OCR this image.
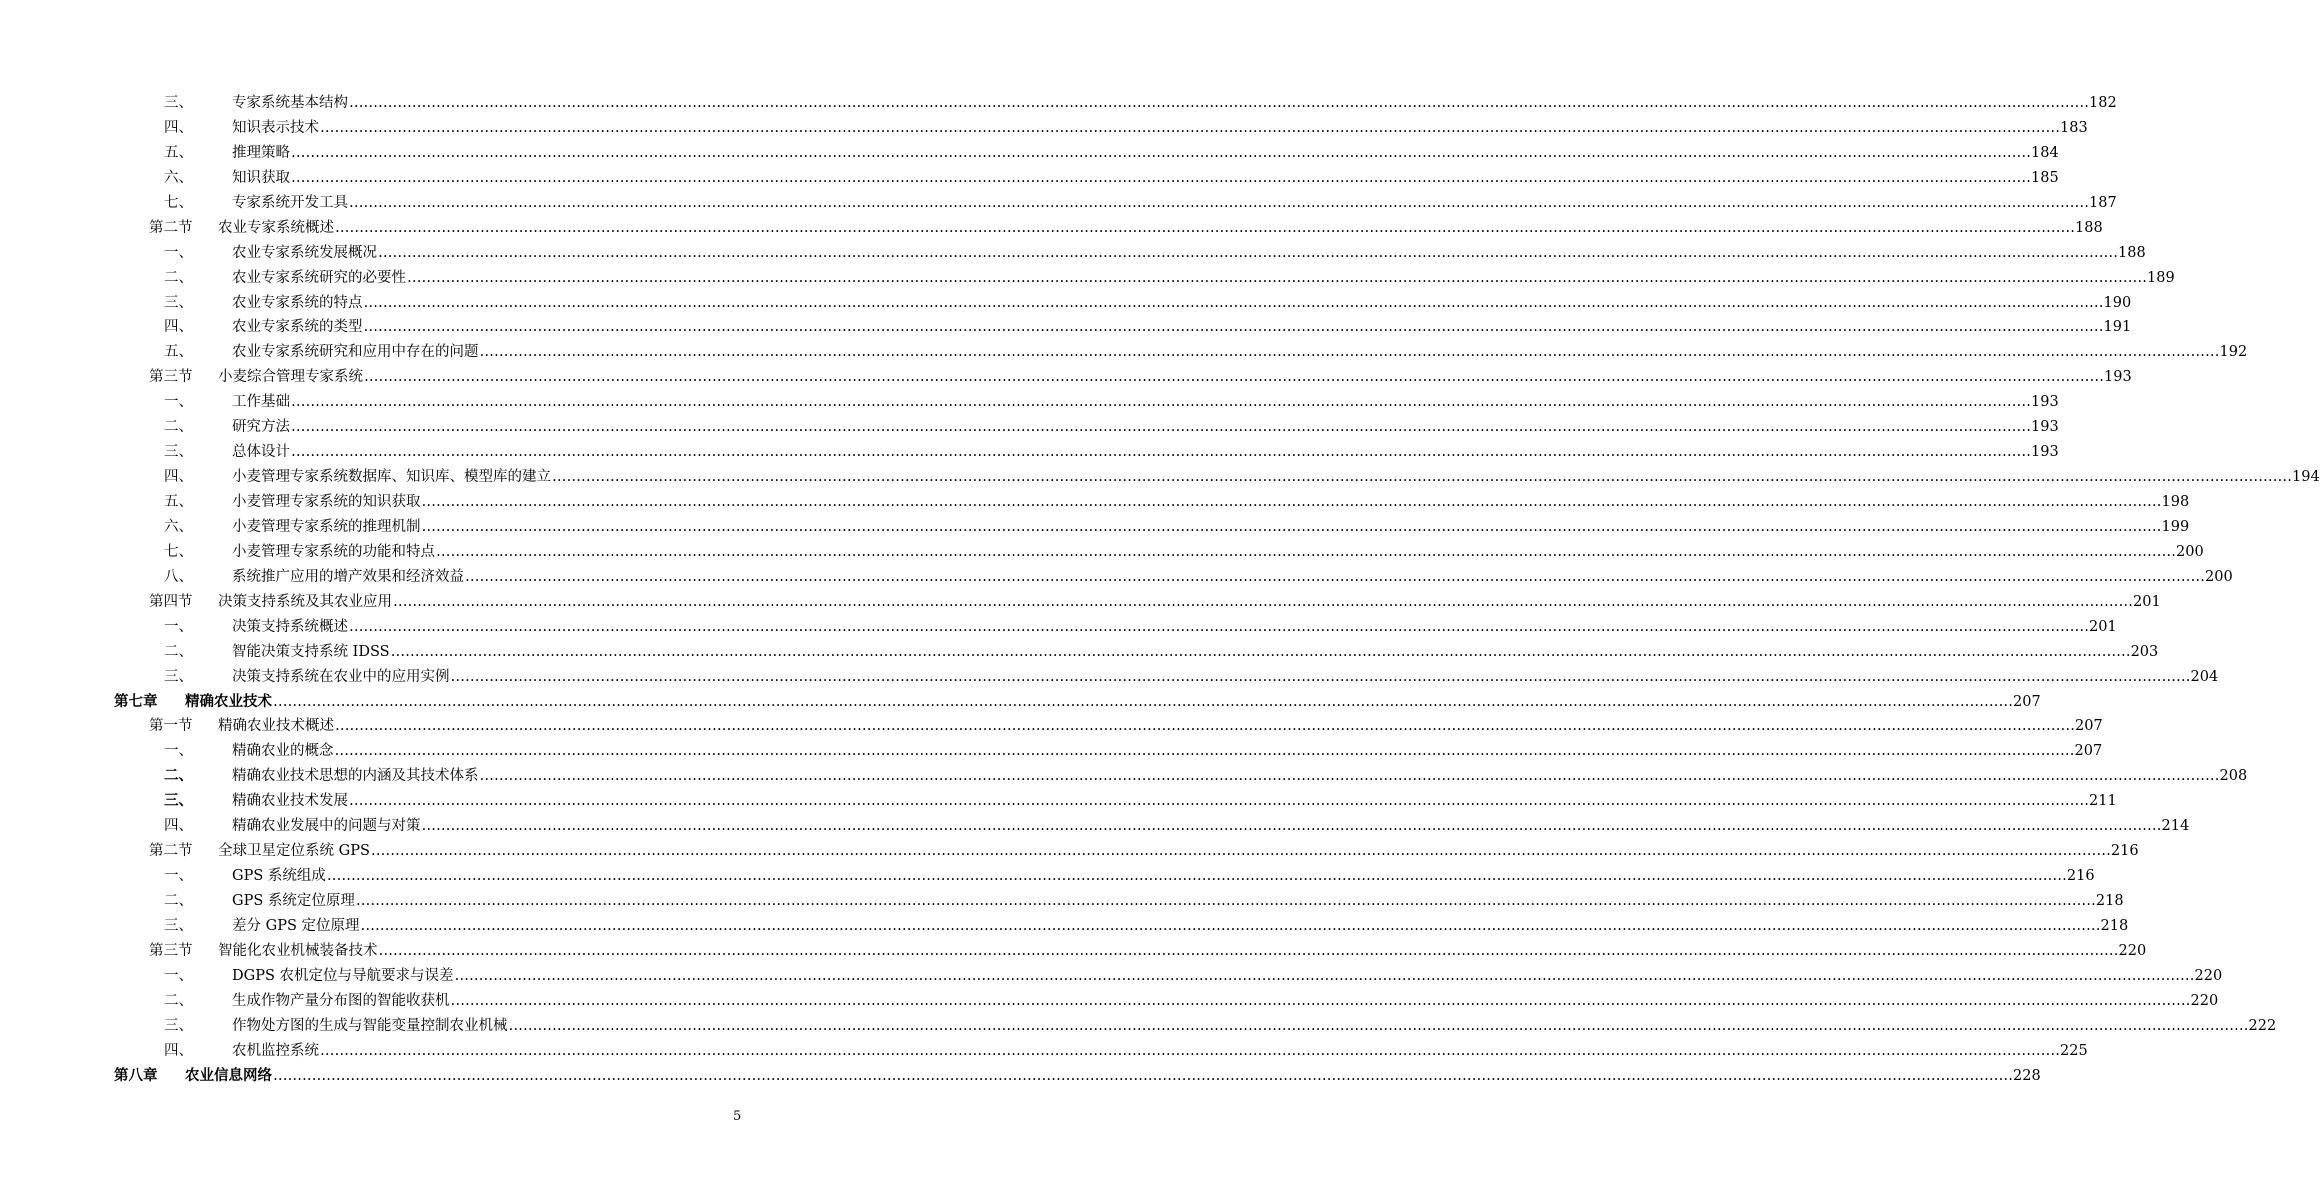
三、	专家系统基本结构 ……………………………………………………………………………………………………………………………………………………………………………………………………………………………………………………………………………………………………………………………… 182
四、	知识表示技术 ……………………………………………………………………………………………………………………………………………………………………………………………………………………………………………………………………………………………………………………………… 183
五、	推理策略 ……………………………………………………………………………………………………………………………………………………………………………………………………………………………………………………………………………………………………………………………… 184
六、	知识获取 ……………………………………………………………………………………………………………………………………………………………………………………………………………………………………………………………………………………………………………………………… 185
七、	专家系统开发工具 ……………………………………………………………………………………………………………………………………………………………………………………………………………………………………………………………………………………………………………………………… 187
第二节 农业专家系统概述 ……………………………………………………………………………………………………………………………………………………………………………………………………………………………………………………………………………………………………………………………… 188
一、	农业专家系统发展概况 ……………………………………………………………………………………………………………………………………………………………………………………………………………………………………………………………………………………………………………………………… 188
二、	农业专家系统研究的必要性 ……………………………………………………………………………………………………………………………………………………………………………………………………………………………………………………………………………………………………………………………… 189
三、	农业专家系统的特点 ……………………………………………………………………………………………………………………………………………………………………………………………………………………………………………………………………………………………………………………………… 190
四、	农业专家系统的类型 ……………………………………………………………………………………………………………………………………………………………………………………………………………………………………………………………………………………………………………………………… 191
五、	农业专家系统研究和应用中存在的问题 ……………………………………………………………………………………………………………………………………………………………………………………………………………………………………………………………………………………………………………………………… 192
第三节 小麦综合管理专家系统 ……………………………………………………………………………………………………………………………………………………………………………………………………………………………………………………………………………………………………………………………… 193
一、	工作基础 ……………………………………………………………………………………………………………………………………………………………………………………………………………………………………………………………………………………………………………………………… 193
二、	研究方法 ……………………………………………………………………………………………………………………………………………………………………………………………………………………………………………………………………………………………………………………………… 193
三、	总体设计 ……………………………………………………………………………………………………………………………………………………………………………………………………………………………………………………………………………………………………………………………… 193
四、	小麦管理专家系统数据库、知识库、模型库的建立 ……………………………………………………………………………………………………………………………………………………………………………………………………………………………………………………………………………………………………………………………… 194
五、	小麦管理专家系统的知识获取 ……………………………………………………………………………………………………………………………………………………………………………………………………………………………………………………………………………………………………………………………… 198
六、	小麦管理专家系统的推理机制 ……………………………………………………………………………………………………………………………………………………………………………………………………………………………………………………………………………………………………………………………… 199
七、	小麦管理专家系统的功能和特点 ……………………………………………………………………………………………………………………………………………………………………………………………………………………………………………………………………………………………………………………………… 200
八、	系统推广应用的增产效果和经济效益 ……………………………………………………………………………………………………………………………………………………………………………………………………………………………………………………………………………………………………………………………… 200
第四节 决策支持系统及其农业应用 ……………………………………………………………………………………………………………………………………………………………………………………………………………………………………………………………………………………………………………………………… 201
一、	决策支持系统概述 ……………………………………………………………………………………………………………………………………………………………………………………………………………………………………………………………………………………………………………………………… 201
二、	智能决策支持系统 IDSS ……………………………………………………………………………………………………………………………………………………………………………………………………………………………………………………………………………………………………………………………… 203
三、	决策支持系统在农业中的应用实例 ……………………………………………………………………………………………………………………………………………………………………………………………………………………………………………………………………………………………………………………………… 204
第七章 精确农业技术 ……………………………………………………………………………………………………………………………………………………………………………………………………………………………………………………………………………………………………………………………… 207
第一节 精确农业技术概述 ……………………………………………………………………………………………………………………………………………………………………………………………………………………………………………………………………………………………………………………………… 207
一、	精确农业的概念 ……………………………………………………………………………………………………………………………………………………………………………………………………………………………………………………………………………………………………………………………… 207
二、	精确农业技术思想的内涵及其技术体系 ……………………………………………………………………………………………………………………………………………………………………………………………………………………………………………………………………………………………………………………………… 208
三、	精确农业技术发展 ……………………………………………………………………………………………………………………………………………………………………………………………………………………………………………………………………………………………………………………………… 211
四、	精确农业发展中的问题与对策 ……………………………………………………………………………………………………………………………………………………………………………………………………………………………………………………………………………………………………………………………… 214
第二节 全球卫星定位系统 GPS ……………………………………………………………………………………………………………………………………………………………………………………………………………………………………………………………………………………………………………………………… 216
一、	GPS 系统组成 ……………………………………………………………………………………………………………………………………………………………………………………………………………………………………………………………………………………………………………………………… 216
二、	GPS 系统定位原理 ……………………………………………………………………………………………………………………………………………………………………………………………………………………………………………………………………………………………………………………………… 218
三、	差分 GPS 定位原理 ……………………………………………………………………………………………………………………………………………………………………………………………………………………………………………………………………………………………………………………………… 218
第三节 智能化农业机械装备技术 ……………………………………………………………………………………………………………………………………………………………………………………………………………………………………………………………………………………………………………………………… 220
一、	DGPS 农机定位与导航要求与误差 ……………………………………………………………………………………………………………………………………………………………………………………………………………………………………………………………………………………………………………………………… 220
二、	生成作物产量分布图的智能收获机 ……………………………………………………………………………………………………………………………………………………………………………………………………………………………………………………………………………………………………………………………… 220
三、	作物处方图的生成与智能变量控制农业机械 ……………………………………………………………………………………………………………………………………………………………………………………………………………………………………………………………………………………………………………………………… 222
四、	农机监控系统 ……………………………………………………………………………………………………………………………………………………………………………………………………………………………………………………………………………………………………………………………… 225
第八章 农业信息网络 ……………………………………………………………………………………………………………………………………………………………………………………………………………………………………………………………………………………………………………………………… 228
5
